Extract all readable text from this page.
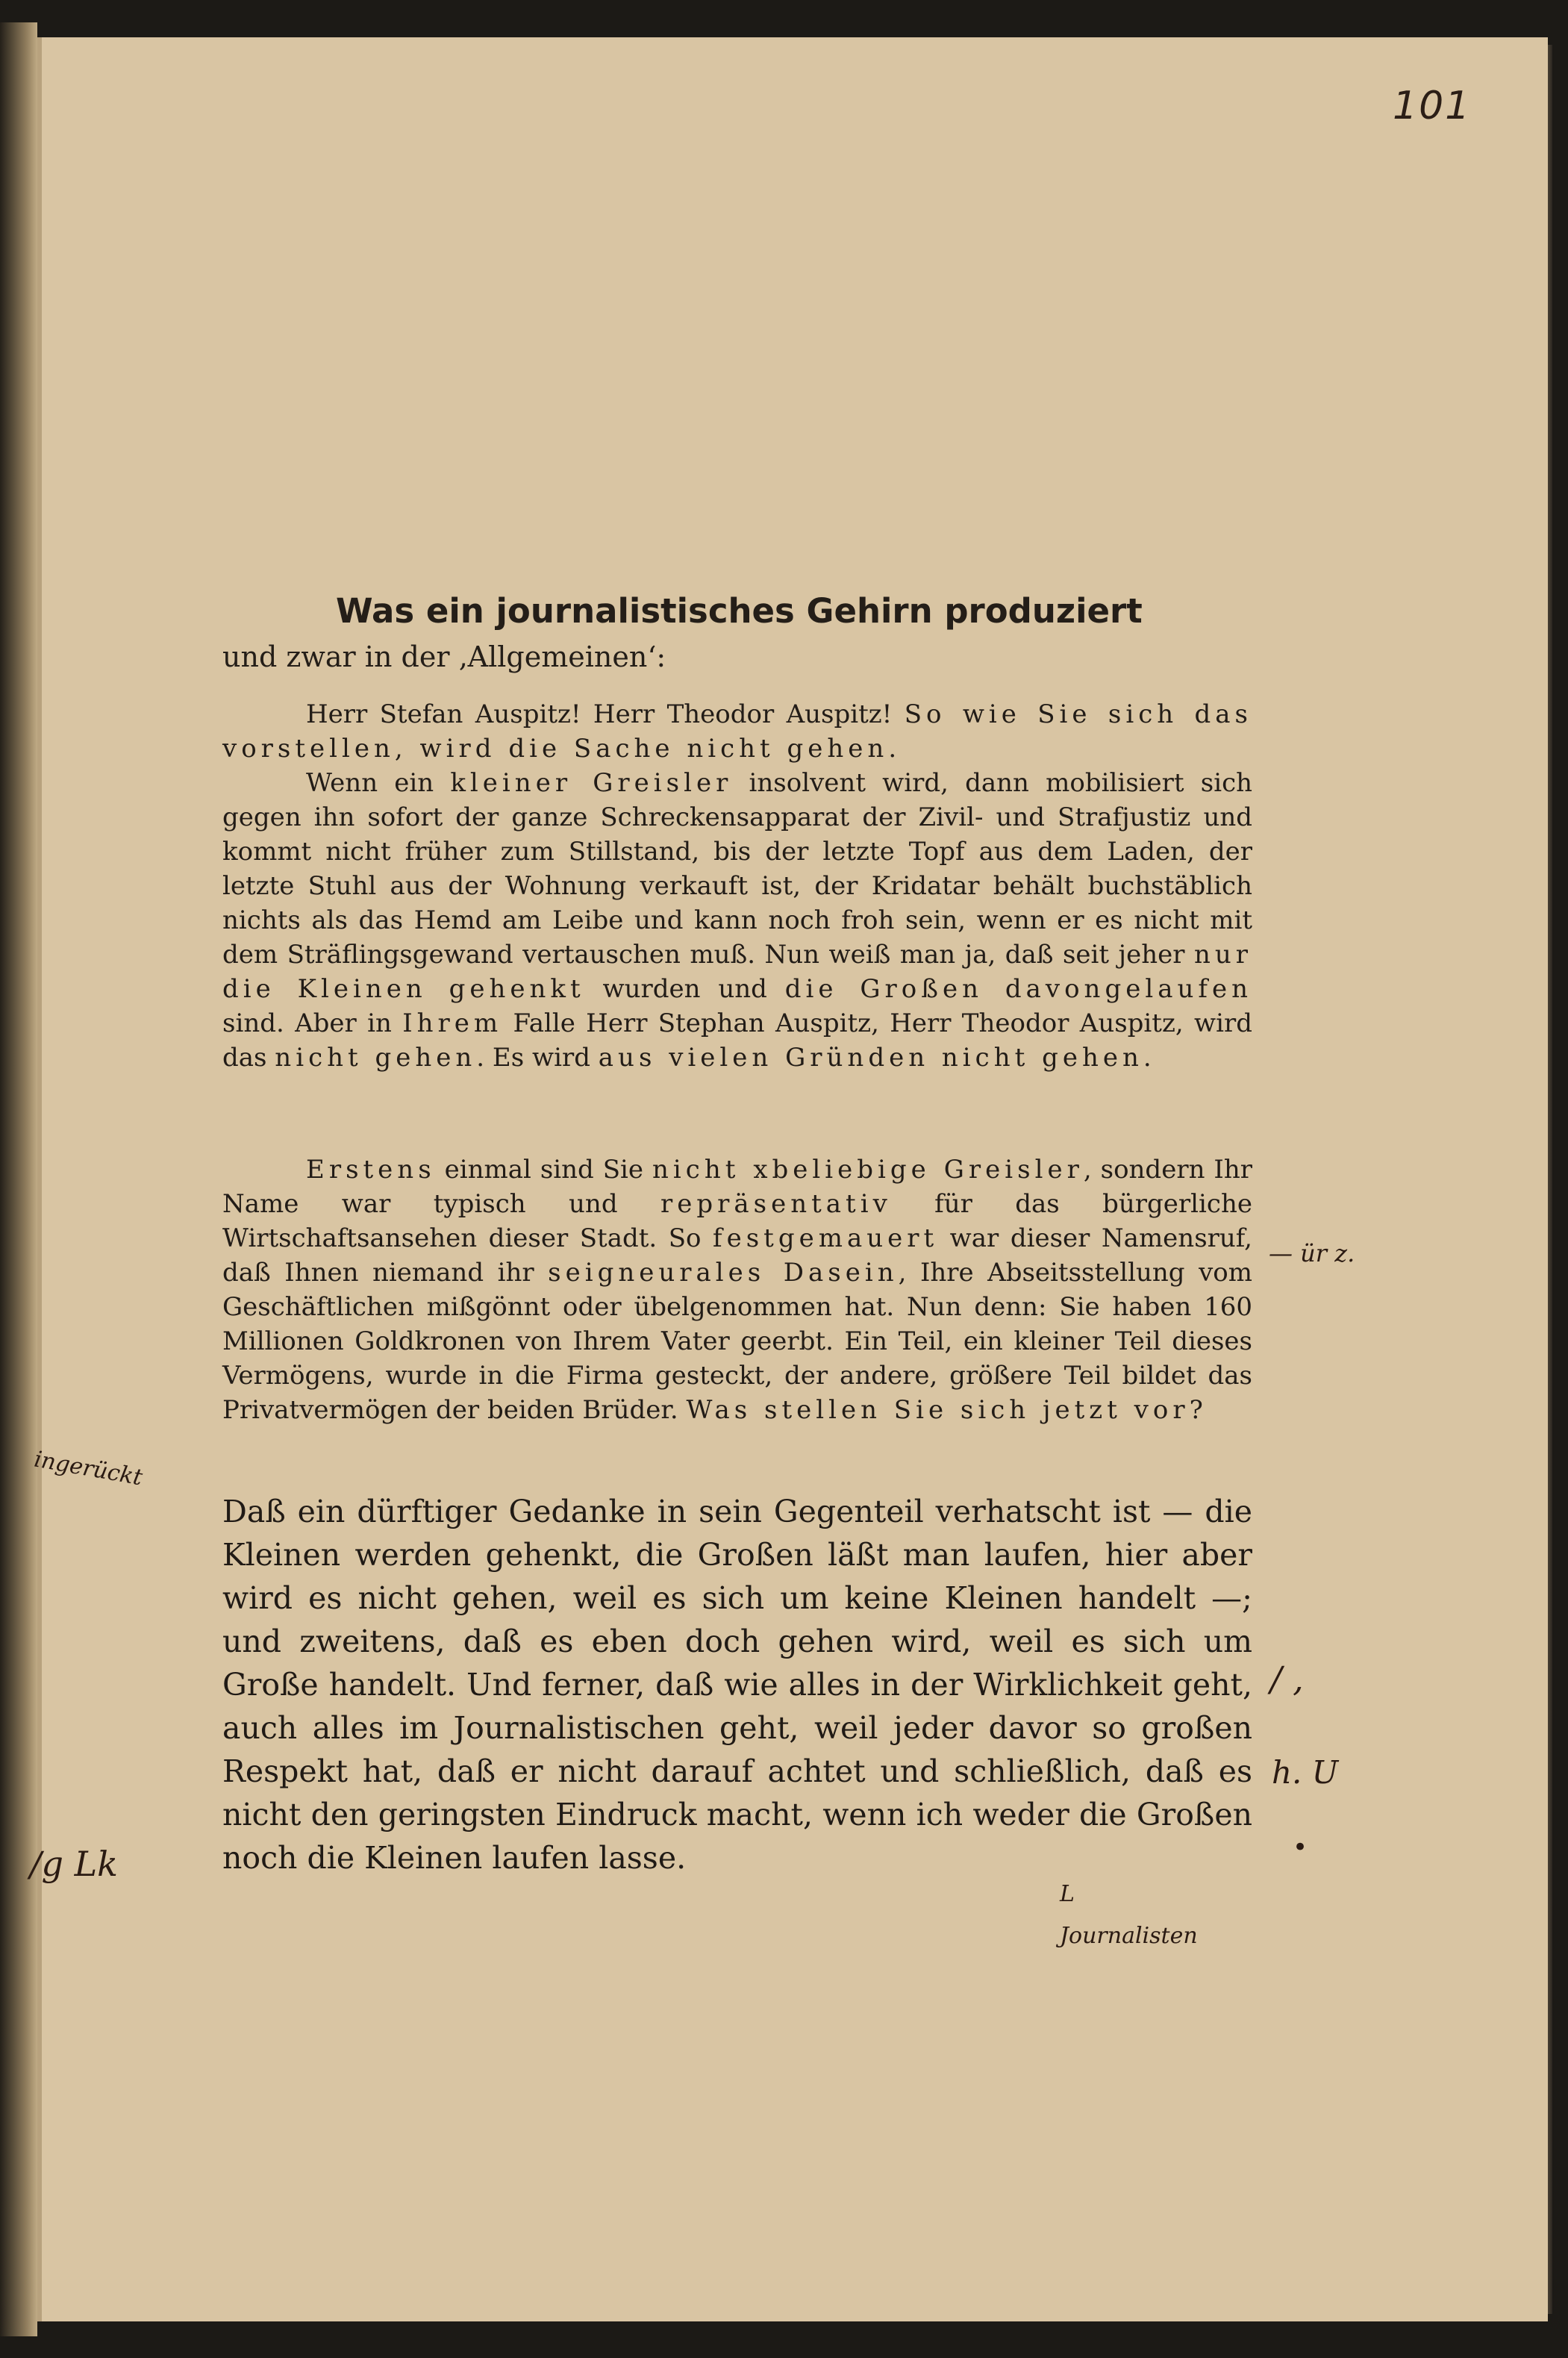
101
Was ein journalistisches Gehirn produziert
und zwar in der ‚Allgemeinen‘:

Herr Stefan Auspitz! Herr Theodor Auspitz! So wie Sie sich das vorstellen, wird die Sache nicht gehen.

Wenn ein kleiner Greisler insolvent wird, dann mobilisiert sich gegen ihn sofort der ganze Schreckensapparat der Zivil- und Strafjustiz und kommt nicht früher zum Stillstand, bis der letzte Topf aus dem Laden, der letzte Stuhl aus der Wohnung verkauft ist, der Kridatar behält buchstäblich nichts als das Hemd am Leibe und kann noch froh sein, wenn er es nicht mit dem Sträflingsgewand vertauschen muß. Nun weiß man ja, daß seit jeher nur die Kleinen gehenkt wurden und die Großen davongelaufen sind. Aber in Ihrem Falle Herr Stephan Auspitz, Herr Theodor Auspitz, wird das nicht gehen. Es wird aus vielen Gründen nicht gehen.

Erstens einmal sind Sie nicht xbeliebige Greisler, sondern Ihr Name war typisch und repräsentativ für das bürgerliche Wirtschaftsansehen dieser Stadt. So festgemauert war dieser Namensruf, daß Ihnen niemand ihr seigneurales Dasein, Ihre Abseitsstellung vom Geschäftlichen mißgönnt oder übelgenommen hat. Nun denn: Sie haben 160 Millionen Goldkronen von Ihrem Vater geerbt. Ein Teil, ein kleiner Teil dieses Vermögens, wurde in die Firma gesteckt, der andere, größere Teil bildet das Privatvermögen der beiden Brüder. Was stellen Sie sich jetzt vor?

Daß ein dürftiger Gedanke in sein Gegenteil verhatscht ist — die Kleinen werden gehenkt, die Großen läßt man laufen, hier aber wird es nicht gehen, weil es sich um keine Kleinen handelt —; und zweitens, daß es eben doch gehen wird, weil es sich um Große handelt. Und ferner, daß wie alles in der Wirklichkeit geht, auch alles im Journalistischen geht, weil jeder davor so großen Respekt hat, daß er nicht darauf achtet und schließlich, daß es nicht den geringsten Eindruck macht, wenn ich weder die Großen noch die Kleinen laufen lasse.

— ür z.
ingerückt
/ ,
h. U
•
/g Lk
L
Journalisten
